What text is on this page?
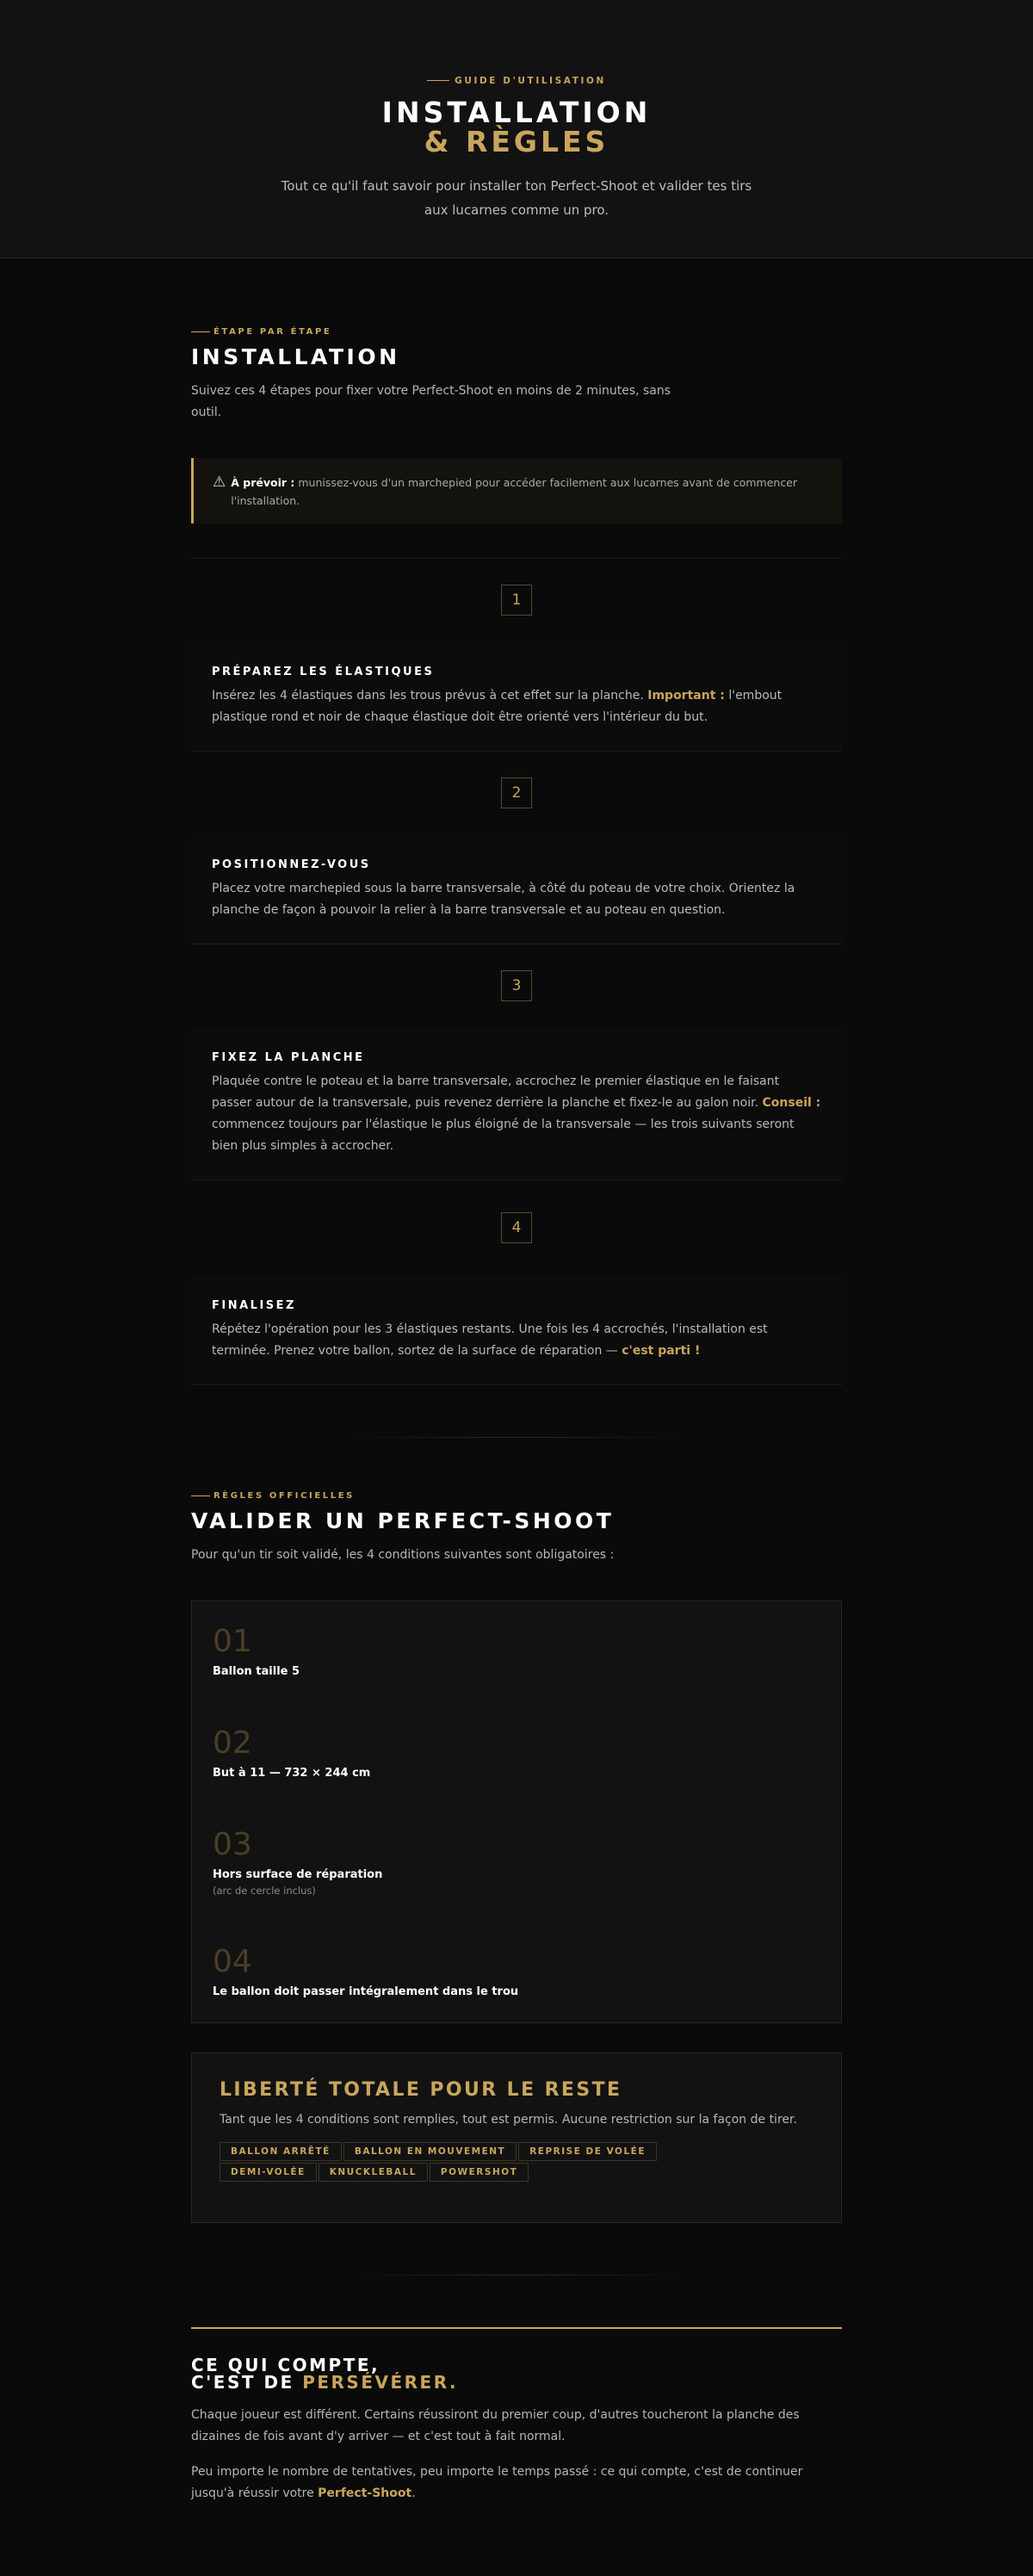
GUIDE D'UTILISATION
INSTALLATION
& RÈGLES

Tout ce qu'il faut savoir pour installer ton Perfect-Shoot et valider tes tirs aux lucarnes comme un pro.

ÉTAPE PAR ÉTAPE
INSTALLATION

Suivez ces 4 étapes pour fixer votre Perfect-Shoot en moins de 2 minutes, sans outil.

⚠ À prévoir : munissez-vous d'un marchepied pour accéder facilement aux lucarnes avant de commencer l'installation.
1
PRÉPAREZ LES ÉLASTIQUES

Insérez les 4 élastiques dans les trous prévus à cet effet sur la planche. Important : l'embout plastique rond et noir de chaque élastique doit être orienté vers l'intérieur du but.

2
POSITIONNEZ-VOUS

Placez votre marchepied sous la barre transversale, à côté du poteau de votre choix. Orientez la planche de façon à pouvoir la relier à la barre transversale et au poteau en question.

3
FIXEZ LA PLANCHE

Plaquée contre le poteau et la barre transversale, accrochez le premier élastique en le faisant passer autour de la transversale, puis revenez derrière la planche et fixez-le au galon noir. Conseil : commencez toujours par l'élastique le plus éloigné de la transversale — les trois suivants seront bien plus simples à accrocher.

4
FINALISEZ

Répétez l'opération pour les 3 élastiques restants. Une fois les 4 accrochés, l'installation est terminée. Prenez votre ballon, sortez de la surface de réparation — c'est parti !

RÈGLES OFFICIELLES
VALIDER UN PERFECT-SHOOT

Pour qu'un tir soit validé, les 4 conditions suivantes sont obligatoires :

01
Ballon taille 5
02
But à 11 — 732 × 244 cm
03
Hors surface de réparation
(arc de cercle inclus)
04
Le ballon doit passer intégralement dans le trou
LIBERTÉ TOTALE POUR LE RESTE

Tant que les 4 conditions sont remplies, tout est permis. Aucune restriction sur la façon de tirer.

BALLON ARRÊTÉ	BALLON EN MOUVEMENT	REPRISE DE VOLÉE
DEMI-VOLÉE	KNUCKLEBALL	POWERSHOT
CE QUI COMPTE,
C'EST DE PERSÉVÉRER.

Chaque joueur est différent. Certains réussiront du premier coup, d'autres toucheront la planche des dizaines de fois avant d'y arriver — et c'est tout à fait normal.

Peu importe le nombre de tentatives, peu importe le temps passé : ce qui compte, c'est de continuer jusqu'à réussir votre Perfect-Shoot.
